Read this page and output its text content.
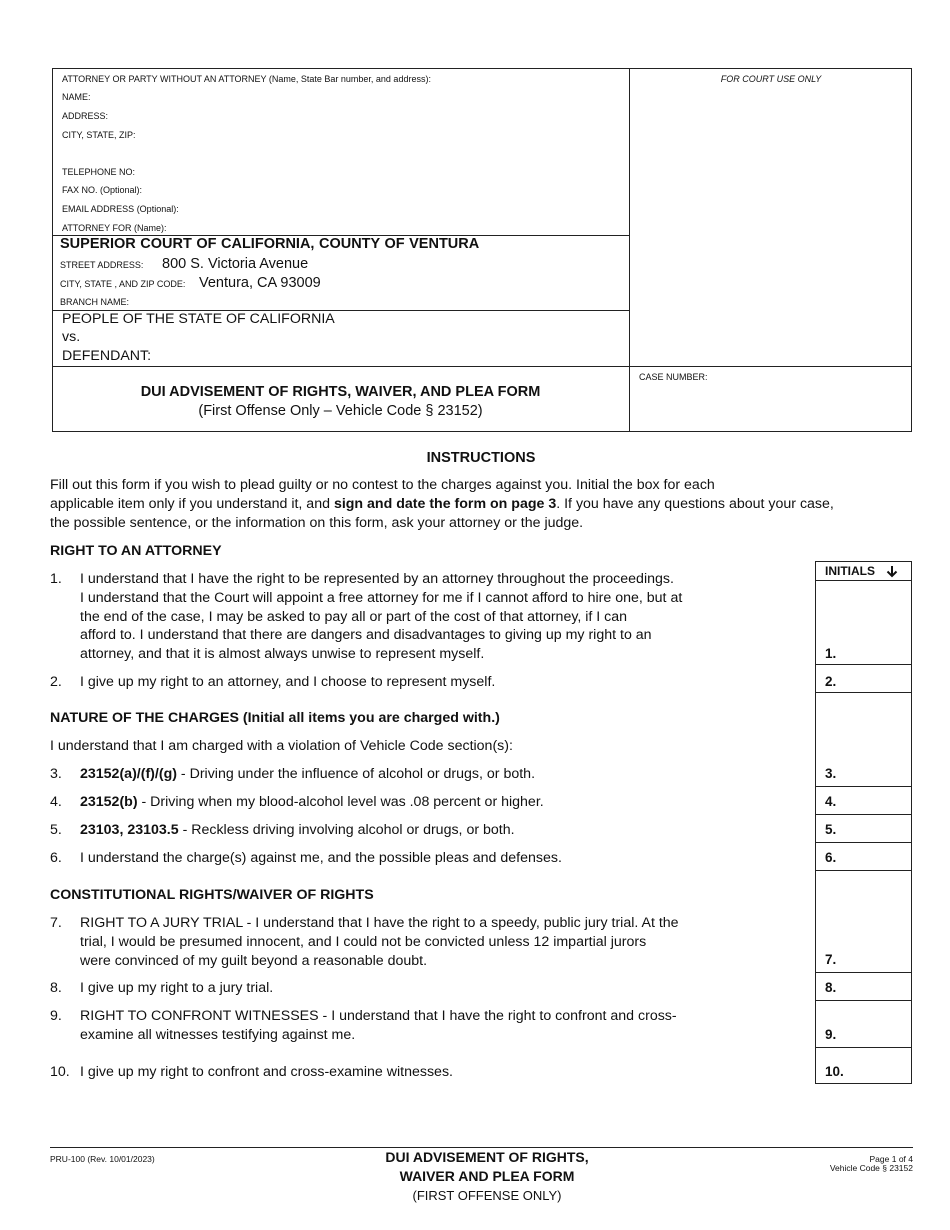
ATTORNEY OR PARTY WITHOUT AN ATTORNEY (Name, State Bar number, and address):
NAME:
ADDRESS:
CITY, STATE, ZIP:
TELEPHONE NO:
FAX NO. (Optional):
EMAIL ADDRESS (Optional):
ATTORNEY FOR (Name):
FOR COURT USE ONLY
SUPERIOR COURT OF CALIFORNIA, COUNTY OF VENTURA
STREET ADDRESS: 800 S. Victoria Avenue
CITY, STATE , AND ZIP CODE: Ventura, CA 93009
BRANCH NAME:
PEOPLE OF THE STATE OF CALIFORNIA
vs.
DEFENDANT:
DUI ADVISEMENT OF RIGHTS, WAIVER, AND PLEA FORM
(First Offense Only – Vehicle Code § 23152)
CASE NUMBER:
INSTRUCTIONS
Fill out this form if you wish to plead guilty or no contest to the charges against you. Initial the box for each
applicable item only if you understand it, and sign and date the form on page 3. If you have any questions about your case,
the possible sentence, or the information on this form, ask your attorney or the judge.
RIGHT TO AN ATTORNEY
NATURE OF THE CHARGES (Initial all items you are charged with.)
I understand that I am charged with a violation of Vehicle Code section(s):
CONSTITUTIONAL RIGHTS/WAIVER OF RIGHTS
INITIALS
1.
2.
3.
4.
5.
6.
7.
8.
9.
10.
1. I understand that I have the right to be represented by an attorney throughout the proceedings.
I understand that the Court will appoint a free attorney for me if I cannot afford to hire one, but at
the end of the case, I may be asked to pay all or part of the cost of that attorney, if I can
afford to. I understand that there are dangers and disadvantages to giving up my right to an
attorney, and that it is almost always unwise to represent myself.
2. I give up my right to an attorney, and I choose to represent myself.
3. 23152(a)/(f)/(g) - Driving under the influence of alcohol or drugs, or both.
4. 23152(b) - Driving when my blood-alcohol level was .08 percent or higher.
5. 23103, 23103.5 - Reckless driving involving alcohol or drugs, or both.
6. I understand the charge(s) against me, and the possible pleas and defenses.
7. RIGHT TO A JURY TRIAL - I understand that I have the right to a speedy, public jury trial. At the
trial, I would be presumed innocent, and I could not be convicted unless 12 impartial jurors
were convinced of my guilt beyond a reasonable doubt.
8. I give up my right to a jury trial.
9. RIGHT TO CONFRONT WITNESSES - I understand that I have the right to confront and cross-
examine all witnesses testifying against me.
10. I give up my right to confront and cross-examine witnesses.
PRU-100 (Rev. 10/01/2023)	DUI ADVISEMENT OF RIGHTS,
WAIVER AND PLEA FORM
(FIRST OFFENSE ONLY)
Page 1 of 4
Vehicle Code § 23152
